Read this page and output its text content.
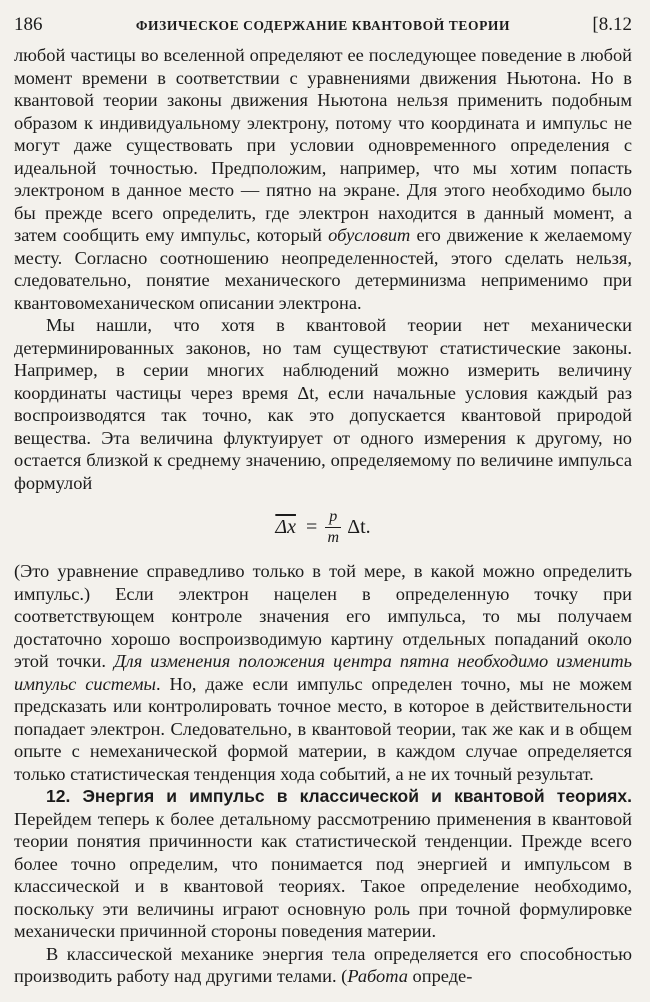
186	ФИЗИЧЕСКОЕ СОДЕРЖАНИЕ КВАНТОВОЙ ТЕОРИИ	[8.12

любой частицы во вселенной определяют ее последующее поведение в любой момент времени в соответствии с уравнениями движения Ньютона. Но в квантовой теории законы движения Ньютона нельзя применить подобным образом к индивидуальному электрону, потому что координата и импульс не могут даже существовать при условии одновременного определения с идеальной точностью. Предположим, например, что мы хотим попасть электроном в данное место — пятно на экране. Для этого необходимо было бы прежде всего определить, где электрон находится в данный момент, а затем сообщить ему импульс, который обусловит его движение к желаемому месту. Согласно соотношению неопределенностей, этого сделать нельзя, следовательно, понятие механического детерминизма неприменимо при квантовомеханическом описании электрона.

Мы нашли, что хотя в квантовой теории нет механически детерминированных законов, но там существуют статистические законы. Например, в серии многих наблюдений можно измерить величину координаты частицы через время Δt, если начальные условия каждый раз воспроизводятся так точно, как это допускается квантовой природой вещества. Эта величина флуктуирует от одного измерения к другому, но остается близкой к среднему значению, определяемому по величине импульса формулой

$\overline{\Delta x} = \frac{p}{m} \Delta t$.

(Это уравнение справедливо только в той мере, в какой можно определить импульс.) Если электрон нацелен в определенную точку при соответствующем контроле значения его импульса, то мы получаем достаточно хорошо воспроизводимую картину отдельных попаданий около этой точки. Для изменения положения центра пятна необходимо изменить импульс системы. Но, даже если импульс определен точно, мы не можем предсказать или контролировать точное место, в которое в действительности попадает электрон. Следовательно, в квантовой теории, так же как и в общем опыте с немеханической формой материи, в каждом случае определяется только статистическая тенденция хода событий, а не их точный результат.

12. Энергия и импульс в классической и квантовой теориях. Перейдем теперь к более детальному рассмотрению применения в квантовой теории понятия причинности как статистической тенденции. Прежде всего более точно определим, что понимается под энергией и импульсом в классической и в квантовой теориях. Такое определение необходимо, поскольку эти величины играют основную роль при точной формулировке механически причинной стороны поведения материи.

В классической механике энергия тела определяется его способностью производить работу над другими телами. (Работа опреде-
